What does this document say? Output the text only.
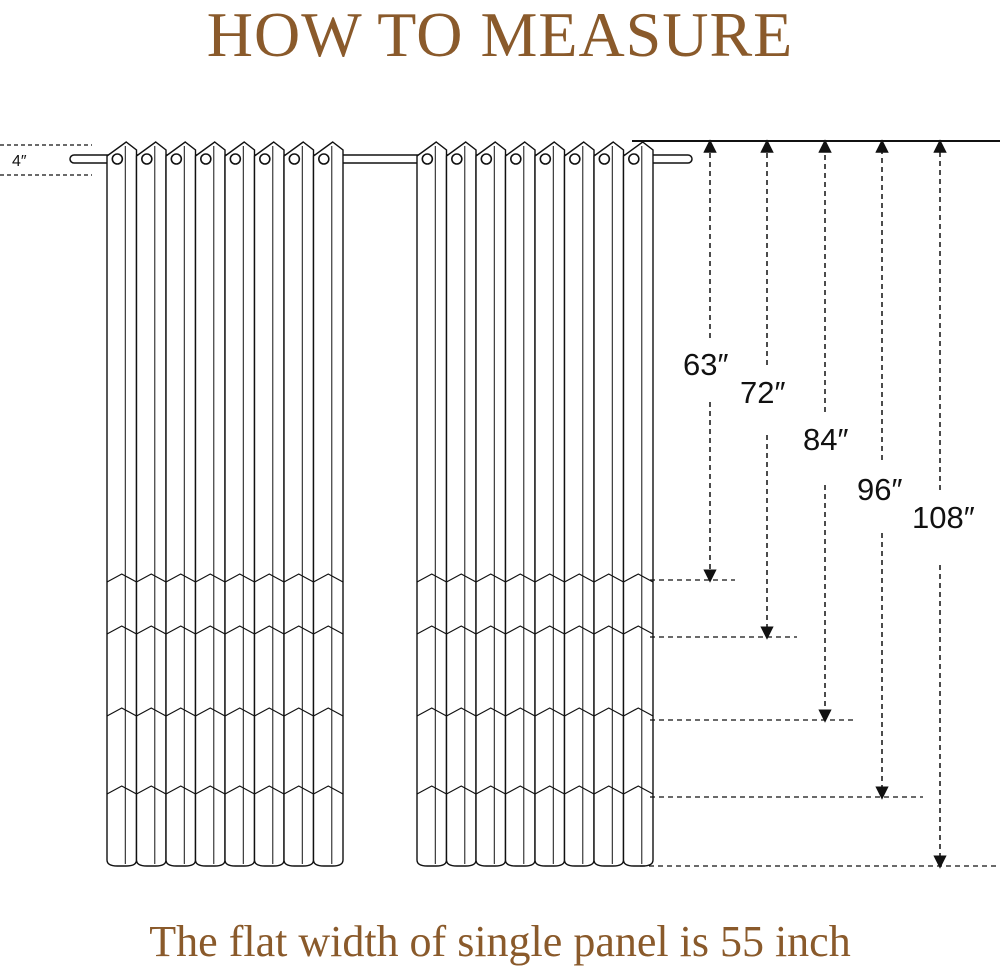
HOW TO MEASURE
4″
63″
72″
84″
96″
108″
The flat width of single panel is 55 inch
